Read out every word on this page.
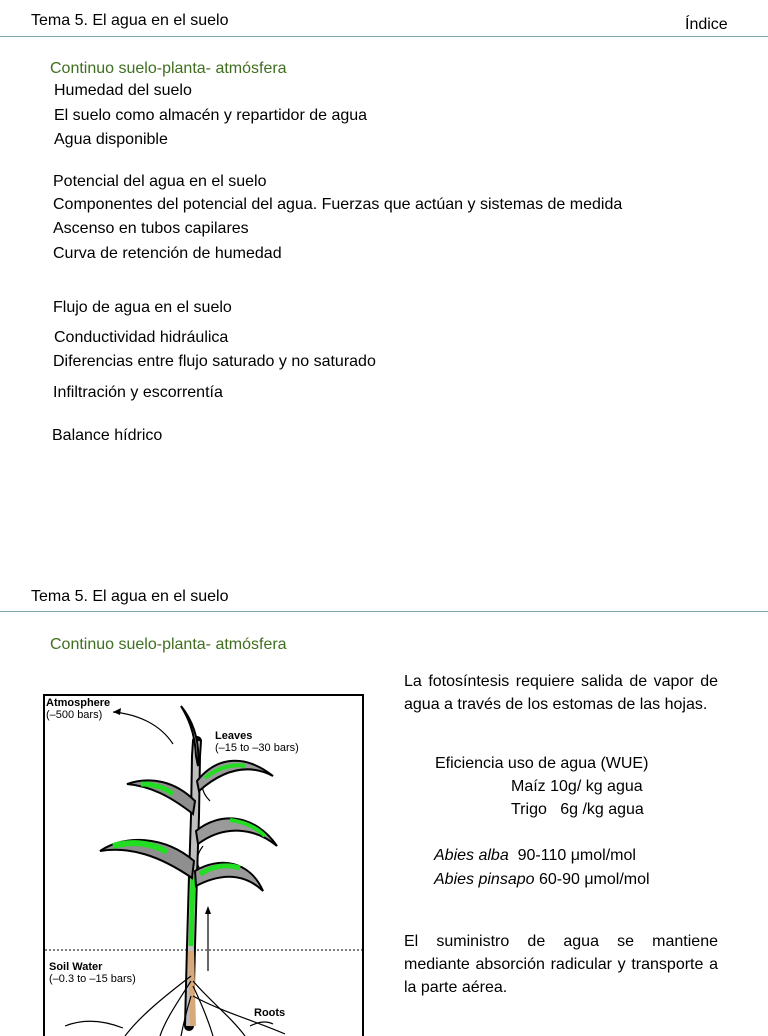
Tema 5. El agua en el suelo	Índice
Continuo suelo-planta- atmósfera
Humedad del suelo
El suelo como almacén y repartidor de agua
Agua disponible
Potencial del agua en el suelo
Componentes del potencial del agua. Fuerzas que actúan y sistemas de medida
Ascenso en tubos capilares
Curva de retención de humedad
Flujo de agua en el suelo
Conductividad hidráulica
Diferencias entre flujo saturado y no saturado
Infiltración y escorrentía
Balance hídrico
Tema 5. El agua en el suelo
Continuo suelo-planta- atmósfera
Atmosphere
(–500 bars)
Leaves
(–15 to –30 bars)
Soil Water
(–0.3 to –15 bars)
Roots
La fotosíntesis requiere salida de vapor de agua a través de los estomas de las hojas.
Eficiencia uso de agua (WUE)
Maíz 10g/ kg agua
Trigo   6g /kg agua
Abies alba 90-110 μmol/mol
Abies pinsapo 60-90 μmol/mol
El suministro de agua se mantiene mediante absorción radicular y transporte a la parte aérea.
